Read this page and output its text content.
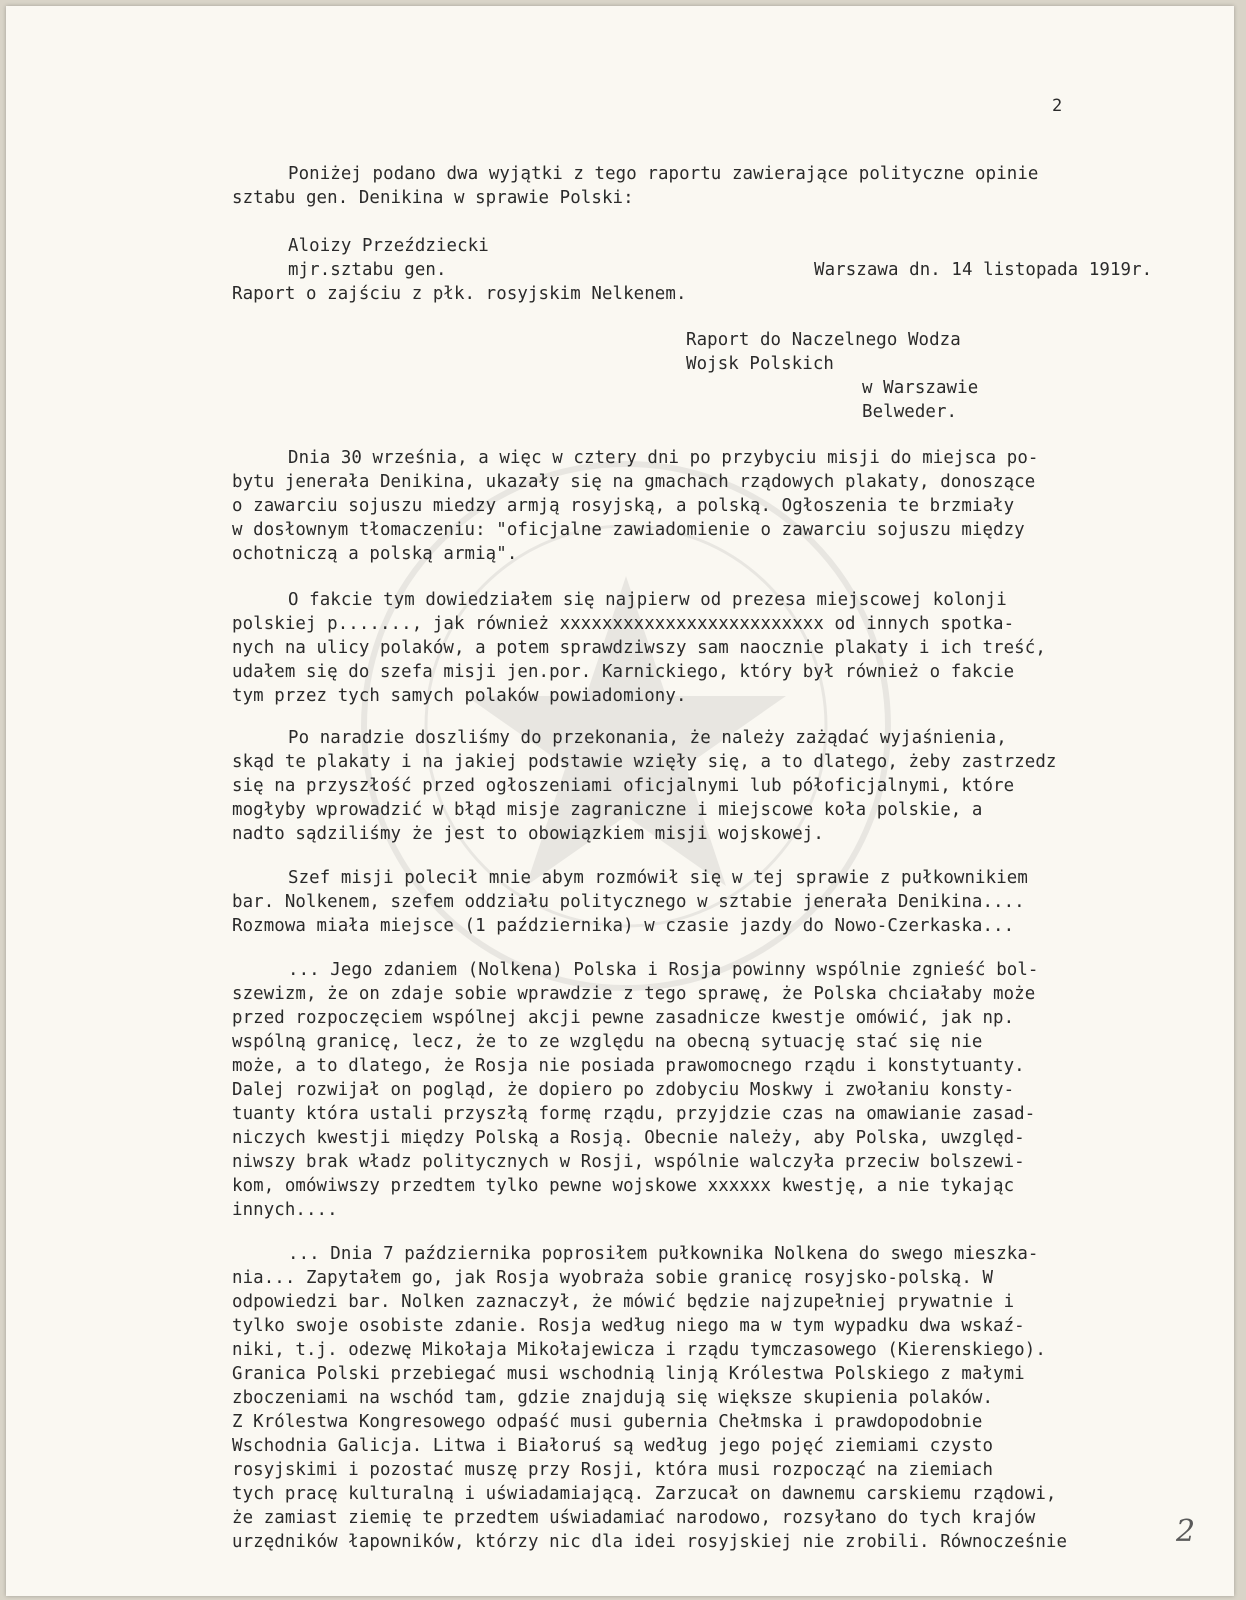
2
Poniżej podano dwa wyjątki z tego raportu zawierające polityczne opinie
sztabu gen. Denikina w sprawie Polski:
Aloizy Przeździecki
mjr.sztabu gen.	Warszawa dn. 14 listopada 1919r.
Raport o zajściu z płk. rosyjskim Nelkenem.
Raport do Naczelnego Wodza
Wojsk Polskich
w Warszawie
Belweder.
Dnia 30 września, a więc w cztery dni po przybyciu misji do miejsca po-
bytu jenerała Denikina, ukazały się na gmachach rządowych plakaty, donoszące
o zawarciu sojuszu miedzy armją rosyjską, a polską. Ogłoszenia te brzmiały
w dosłownym tłomaczeniu: "oficjalne zawiadomienie o zawarciu sojuszu między
ochotniczą a polską armią".
O fakcie tym dowiedziałem się najpierw od prezesa miejscowej kolonji
polskiej p......., jak również xxxxxxxxxxxxxxxxxxxxxxxxx od innych spotka-
nych na ulicy polaków, a potem sprawdziwszy sam naocznie plakaty i ich treść,
udałem się do szefa misji jen.por. Karnickiego, który był również o fakcie
tym przez tych samych polaków powiadomiony.
Po naradzie doszliśmy do przekonania, że należy zażądać wyjaśnienia,
skąd te plakaty i na jakiej podstawie wzięły się, a to dlatego, żeby zastrzedz
się na przyszłość przed ogłoszeniami oficjalnymi lub półoficjalnymi, które
mogłyby wprowadzić w błąd misje zagraniczne i miejscowe koła polskie, a
nadto sądziliśmy że jest to obowiązkiem misji wojskowej.
Szef misji polecił mnie abym rozmówił się w tej sprawie z pułkownikiem
bar. Nolkenem, szefem oddziału politycznego w sztabie jenerała Denikina....
Rozmowa miała miejsce (1 października) w czasie jazdy do Nowo-Czerkaska...
... Jego zdaniem (Nolkena) Polska i Rosja powinny wspólnie zgnieść bol-
szewizm, że on zdaje sobie wprawdzie z tego sprawę, że Polska chciałaby może
przed rozpoczęciem wspólnej akcji pewne zasadnicze kwestje omówić, jak np.
wspólną granicę, lecz, że to ze względu na obecną sytuację stać się nie
może, a to dlatego, że Rosja nie posiada prawomocnego rządu i konstytuanty.
Dalej rozwijał on pogląd, że dopiero po zdobyciu Moskwy i zwołaniu konsty-
tuanty która ustali przyszłą formę rządu, przyjdzie czas na omawianie zasad-
niczych kwestji między Polską a Rosją. Obecnie należy, aby Polska, uwzględ-
niwszy brak władz politycznych w Rosji, wspólnie walczyła przeciw bolszewi-
kom, omówiwszy przedtem tylko pewne wojskowe xxxxxx kwestję, a nie tykając
innych....
... Dnia 7 października poprosiłem pułkownika Nolkena do swego mieszka-
nia... Zapytałem go, jak Rosja wyobraża sobie granicę rosyjsko-polską. W
odpowiedzi bar. Nolken zaznaczył, że mówić będzie najzupełniej prywatnie i
tylko swoje osobiste zdanie. Rosja według niego ma w tym wypadku dwa wskaź-
niki, t.j. odezwę Mikołaja Mikołajewicza i rządu tymczasowego (Kierenskiego).
Granica Polski przebiegać musi wschodnią linją Królestwa Polskiego z małymi
zboczeniami na wschód tam, gdzie znajdują się większe skupienia polaków.
Z Królestwa Kongresowego odpaść musi gubernia Chełmska i prawdopodobnie
Wschodnia Galicja. Litwa i Białoruś są według jego pojęć ziemiami czysto
rosyjskimi i pozostać muszę przy Rosji, która musi rozpocząć na ziemiach
tych pracę kulturalną i uświadamiającą. Zarzucał on dawnemu carskiemu rządowi,
że zamiast ziemię te przedtem uświadamiać narodowo, rozsyłano do tych krajów
urzędników łapowników, którzy nic dla idei rosyjskiej nie zrobili. Równocześnie	2
